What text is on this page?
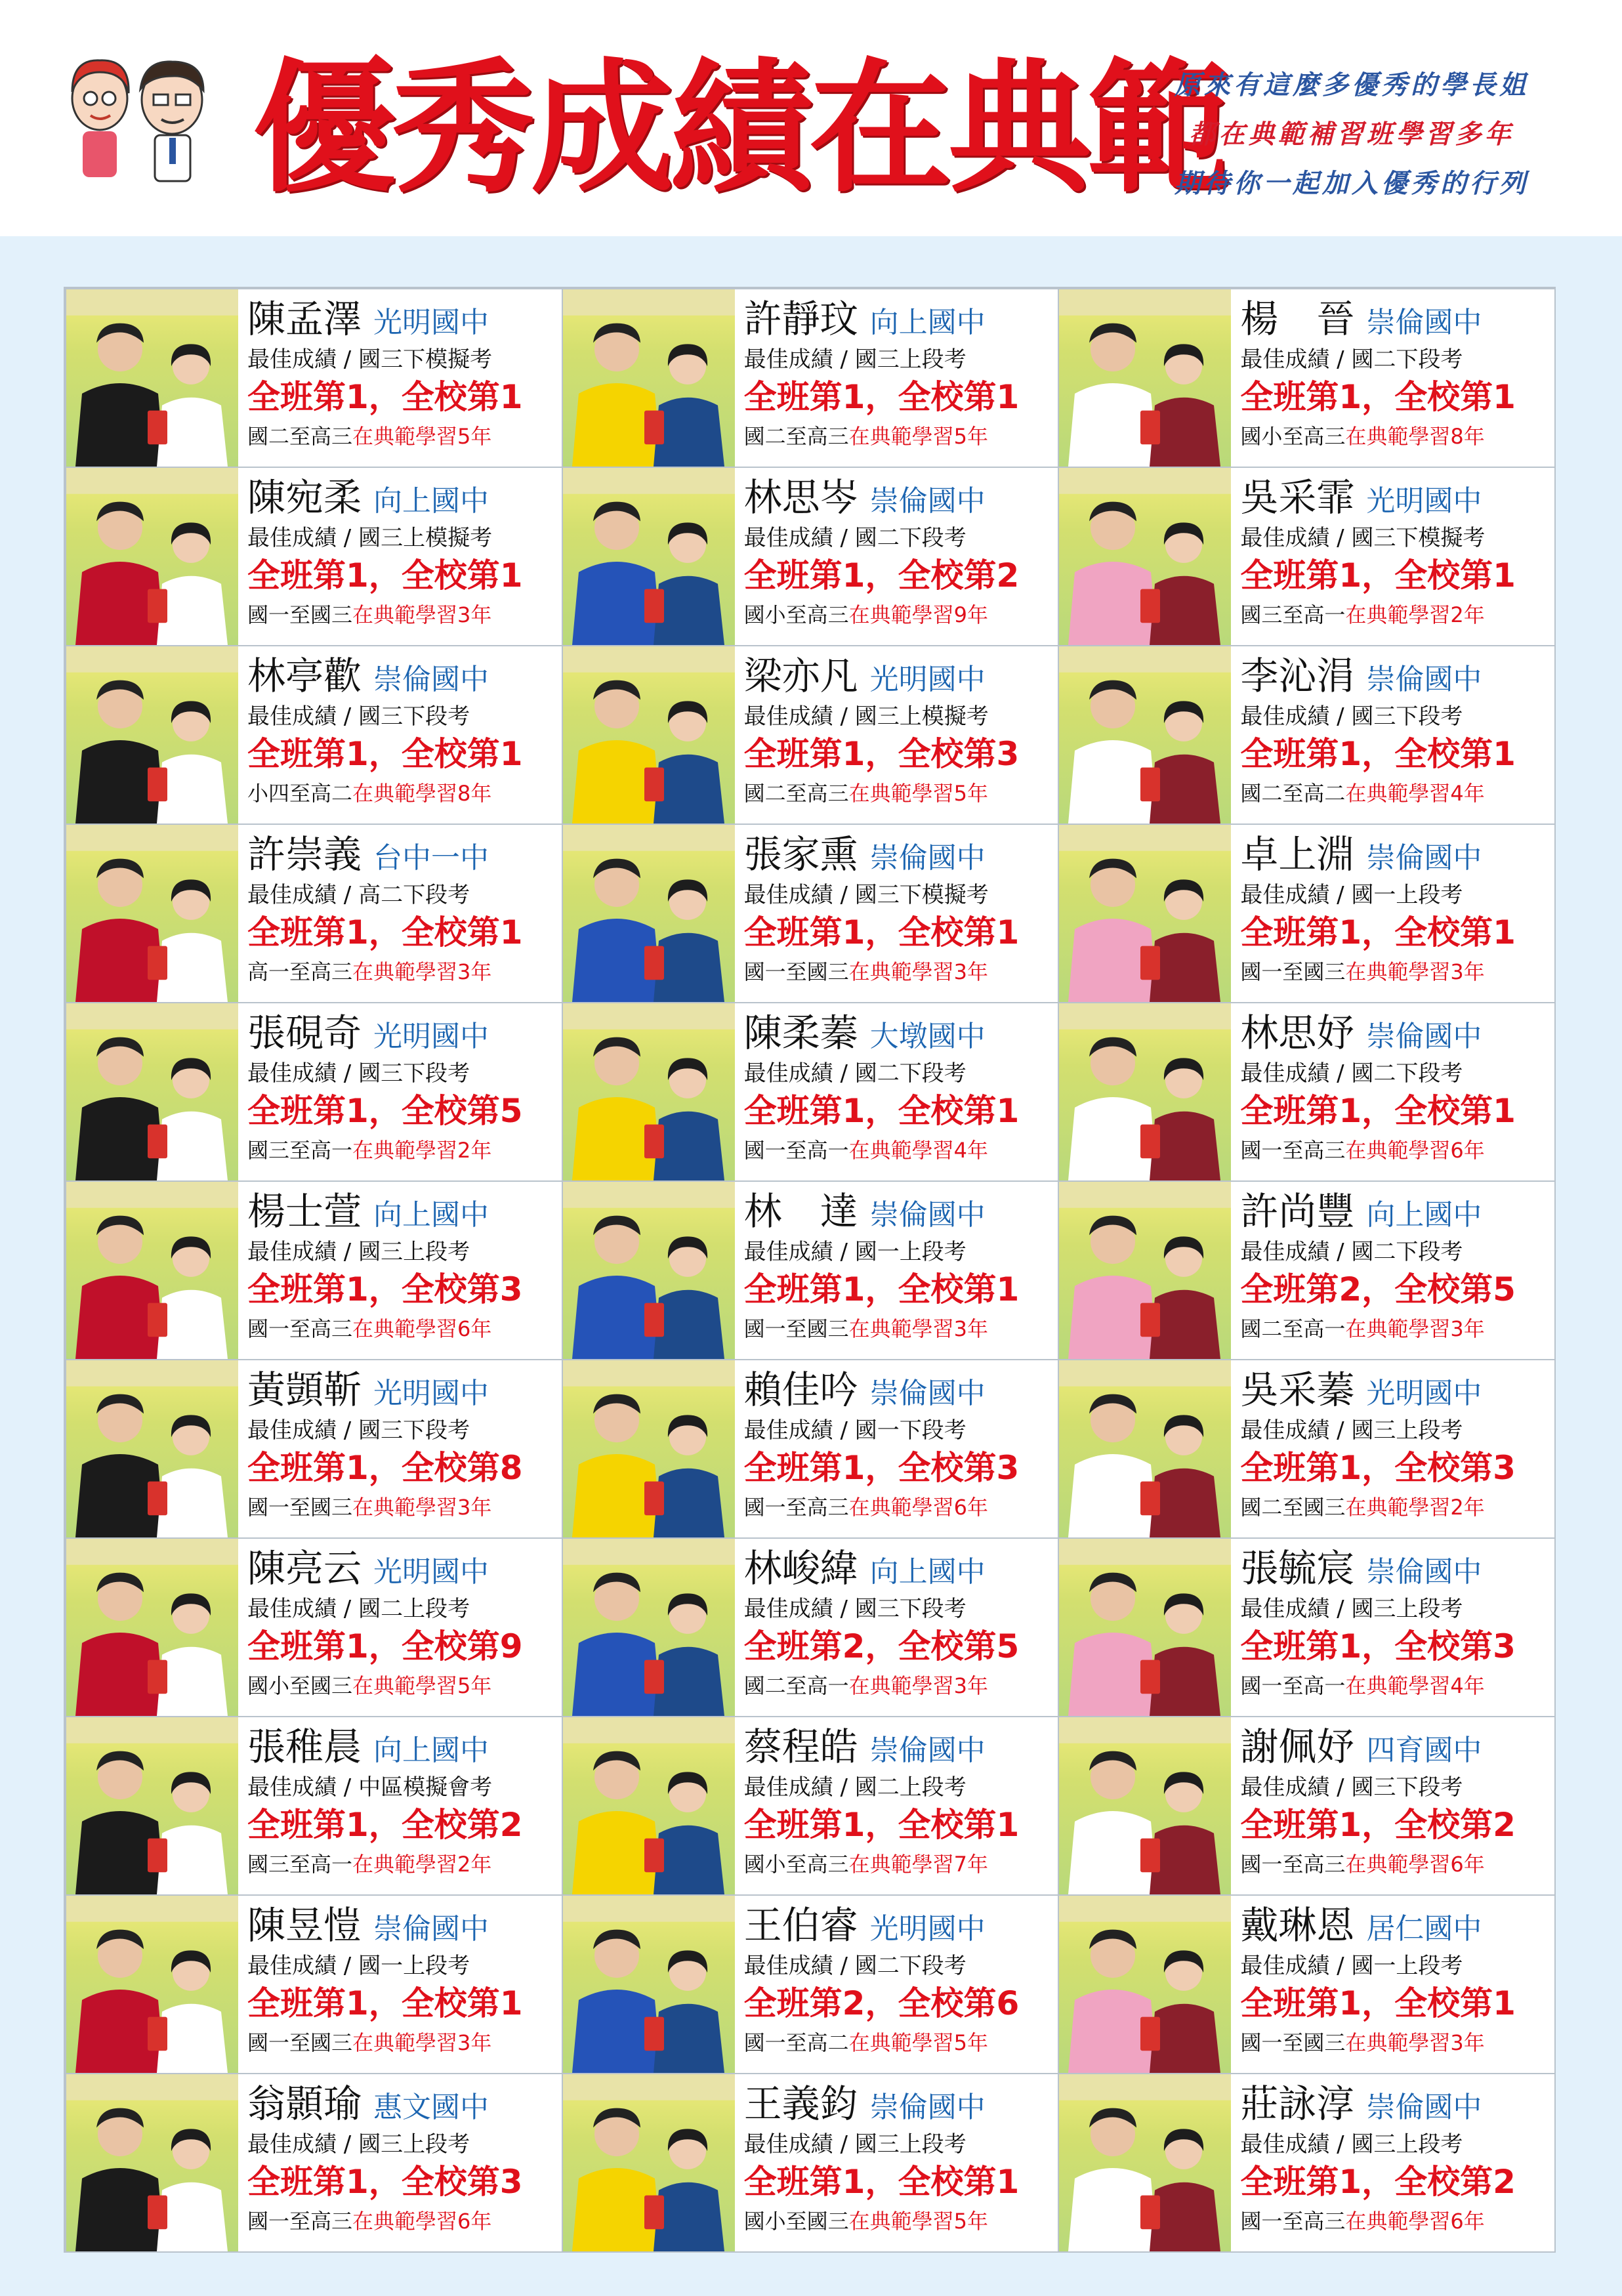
優秀成績在典範
原來有這麼多優秀的學長姐
都在典範補習班學習多年
期待你一起加入優秀的行列
陳孟澤 光明國中
最佳成績 / 國三下模擬考
全班第1，全校第1
國二至高三在典範學習5年
許靜玟 向上國中
最佳成績 / 國三上段考
全班第1，全校第1
國二至高三在典範學習5年
楊　晉 崇倫國中
最佳成績 / 國二下段考
全班第1，全校第1
國小至高三在典範學習8年
陳宛柔 向上國中
最佳成績 / 國三上模擬考
全班第1，全校第1
國一至國三在典範學習3年
林思岑 崇倫國中
最佳成績 / 國二下段考
全班第1，全校第2
國小至高三在典範學習9年
吳采霏 光明國中
最佳成績 / 國三下模擬考
全班第1，全校第1
國三至高一在典範學習2年
林亭歡 崇倫國中
最佳成績 / 國三下段考
全班第1，全校第1
小四至高二在典範學習8年
梁亦凡 光明國中
最佳成績 / 國三上模擬考
全班第1，全校第3
國二至高三在典範學習5年
李沁涓 崇倫國中
最佳成績 / 國三下段考
全班第1，全校第1
國二至高二在典範學習4年
許崇義 台中一中
最佳成績 / 高二下段考
全班第1，全校第1
高一至高三在典範學習3年
張家熏 崇倫國中
最佳成績 / 國三下模擬考
全班第1，全校第1
國一至國三在典範學習3年
卓上淵 崇倫國中
最佳成績 / 國一上段考
全班第1，全校第1
國一至國三在典範學習3年
張硯奇 光明國中
最佳成績 / 國三下段考
全班第1，全校第5
國三至高一在典範學習2年
陳柔蓁 大墩國中
最佳成績 / 國二下段考
全班第1，全校第1
國一至高一在典範學習4年
林思妤 崇倫國中
最佳成績 / 國二下段考
全班第1，全校第1
國一至高三在典範學習6年
楊士萱 向上國中
最佳成績 / 國三上段考
全班第1，全校第3
國一至高三在典範學習6年
林　達 崇倫國中
最佳成績 / 國一上段考
全班第1，全校第1
國一至國三在典範學習3年
許尚豐 向上國中
最佳成績 / 國二下段考
全班第2，全校第5
國二至高一在典範學習3年
黃顗靳 光明國中
最佳成績 / 國三下段考
全班第1，全校第8
國一至國三在典範學習3年
賴佳吟 崇倫國中
最佳成績 / 國一下段考
全班第1，全校第3
國一至高三在典範學習6年
吳采蓁 光明國中
最佳成績 / 國三上段考
全班第1，全校第3
國二至國三在典範學習2年
陳亮云 光明國中
最佳成績 / 國二上段考
全班第1，全校第9
國小至國三在典範學習5年
林峻緯 向上國中
最佳成績 / 國三下段考
全班第2，全校第5
國二至高一在典範學習3年
張毓宸 崇倫國中
最佳成績 / 國三上段考
全班第1，全校第3
國一至高一在典範學習4年
張稚晨 向上國中
最佳成績 / 中區模擬會考
全班第1，全校第2
國三至高一在典範學習2年
蔡程皓 崇倫國中
最佳成績 / 國二上段考
全班第1，全校第1
國小至高三在典範學習7年
謝佩妤 四育國中
最佳成績 / 國三下段考
全班第1，全校第2
國一至高三在典範學習6年
陳昱愷 崇倫國中
最佳成績 / 國一上段考
全班第1，全校第1
國一至國三在典範學習3年
王伯睿 光明國中
最佳成績 / 國二下段考
全班第2，全校第6
國一至高二在典範學習5年
戴琳恩 居仁國中
最佳成績 / 國一上段考
全班第1，全校第1
國一至國三在典範學習3年
翁顥瑜 惠文國中
最佳成績 / 國三上段考
全班第1，全校第3
國一至高三在典範學習6年
王義鈞 崇倫國中
最佳成績 / 國三上段考
全班第1，全校第1
國小至國三在典範學習5年
莊詠淳 崇倫國中
最佳成績 / 國三上段考
全班第1，全校第2
國一至高三在典範學習6年
